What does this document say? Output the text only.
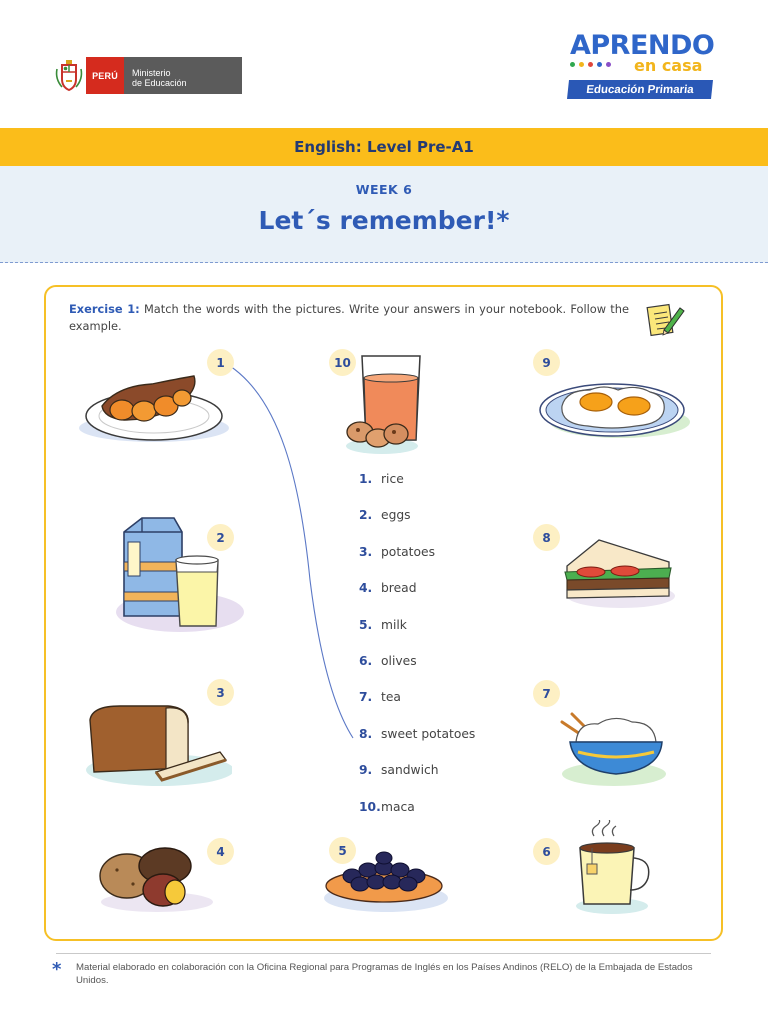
PERÚ	Ministerio
de Educación
APRENDO
en casa
Educación Primaria
English: Level Pre-A1
WEEK 6
Let´s remember!*
Exercise 1: Match the words with the pictures. Write your answers in your notebook. Follow the example.
1
2
3
4	5	6
7
8
9
10
1. rice
2. eggs
3. potatoes
4. bread
5. milk
6. olives
7. tea
8. sweet potatoes
9. sandwich
10. maca
* Material elaborado en colaboración con la Oficina Regional para Programas de Inglés en los Países Andinos (RELO) de la Embajada de Estados Unidos.
